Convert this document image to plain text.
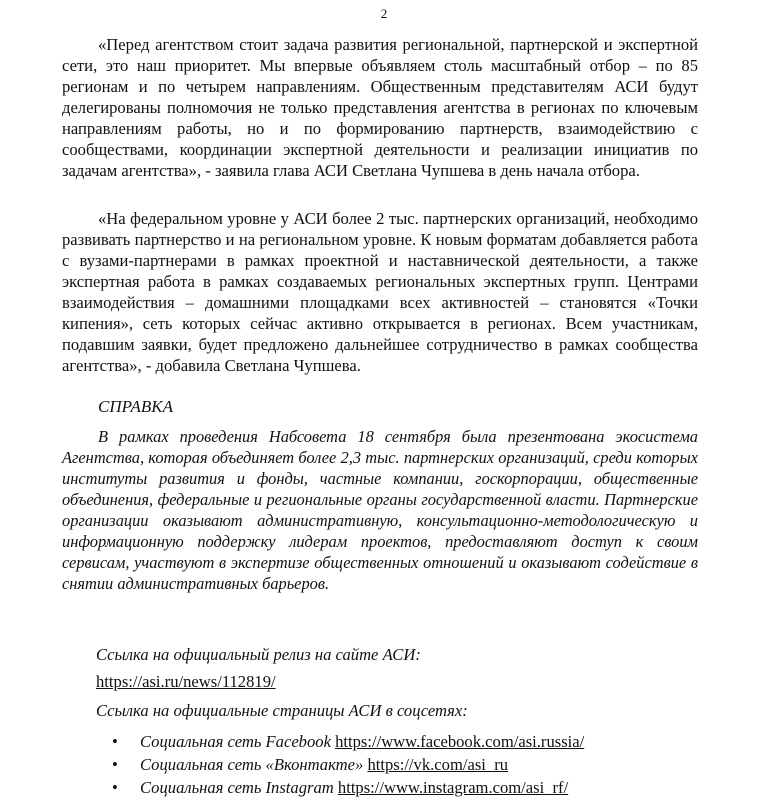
2

«Перед агентством стоит задача развития региональной, партнерской и экспертной сети, это наш приоритет. Мы впервые объявляем столь масштабный отбор – по 85 регионам и по четырем направлениям. Общественным представителям АСИ будут делегированы полномочия не только представления агентства в регионах по ключевым направлениям работы, но и по формированию партнерств, взаимодействию с сообществами, координации экспертной деятельности и реализации инициатив по задачам агентства», - заявила глава АСИ Светлана Чупшева в день начала отбора.

«На федеральном уровне у АСИ более 2 тыс. партнерских организаций, необходимо развивать партнерство и на региональном уровне. К новым форматам добавляется работа с вузами-партнерами в рамках проектной и наставнической деятельности, а также экспертная работа в рамках создаваемых региональных экспертных групп. Центрами взаимодействия – домашними площадками всех активностей – становятся «Точки кипения», сеть которых сейчас активно открывается в регионах. Всем участникам, подавшим заявки, будет предложено дальнейшее сотрудничество в рамках сообщества агентства», - добавила Светлана Чупшева.

СПРАВКА

В рамках проведения Набсовета 18 сентября была презентована экосистема Агентства, которая объединяет более 2,3 тыс. партнерских организаций, среди которых институты развития и фонды, частные компании, госкорпорации, общественные объединения, федеральные и региональные органы государственной власти. Партнерские организации оказывают административную, консультационно-методологическую и информационную поддержку лидерам проектов, предоставляют доступ к своим сервисам, участвуют в экспертизе общественных отношений и оказывают содействие в снятии административных барьеров.

Ссылка на официальный релиз на сайте АСИ:
https://asi.ru/news/112819/
Ссылка на официальные страницы АСИ в соцсетях:
• Социальная сеть Facebook https://www.facebook.com/asi.russia/
• Социальная сеть «Вконтакте» https://vk.com/asi_ru
• Социальная сеть Instagram https://www.instagram.com/asi_rf/
